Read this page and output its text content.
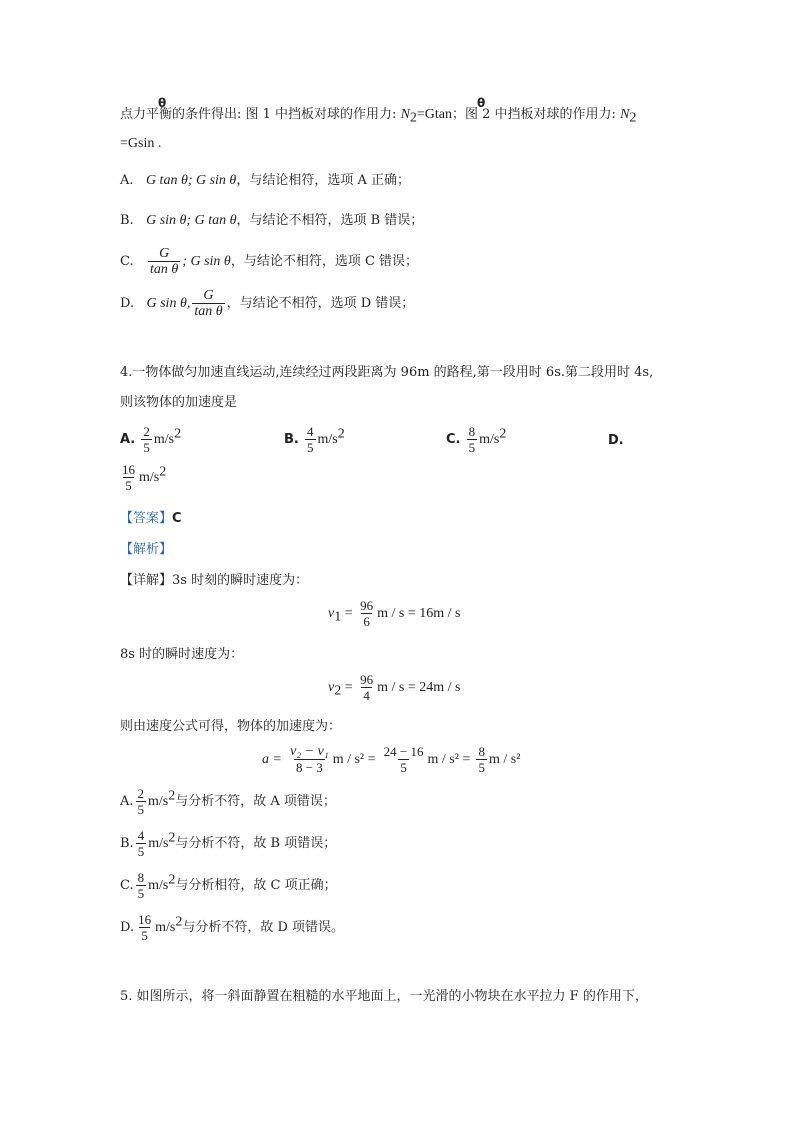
θ
点力平衡的条件得出: 图 1 中挡板对球的作用力: $N_2=Gtan$；图 2 中挡板对球的作用力: $N_2$
θ
=Gsin .
A. G tan θ; G sin θ，与结论相符，选项 A 正确；
B. G sin θ; G tan θ，与结论不相符，选项 B 错误；
C. $\frac{G}{\text{tan θ}}$ ; G sin θ，与结论不相符，选项 C 错误；
D. G sin θ, $\frac{G}{\text{tan θ}}$ ，与结论不相符，选项 D 错误；
4.一物体做匀加速直线运动,连续经过两段距离为 96m 的路程,第一段用时 6s.第二段用时 4s,
则该物体的加速度是
A. $\frac{2}{5} m/s^2$	B. $\frac{4}{5} m/s^2$	C. $\frac{8}{5} m/s^2$	D.
$\frac{16}{5} m/s^2$
【答案】C
【解析】
【详解】3s 时刻的瞬时速度为：
$v_1 = \frac{96}{6}$ m / s = 16m / s
8s 时的瞬时速度为：
$v_2 = \frac{96}{4}$ m / s = 24m / s
则由速度公式可得，物体的加速度为：
$a = \frac{\text{v₂ − v₁}}{8 - 3}$ $m / s^2 = \frac{24 - 16}{5}$ $m / s^2 = \frac{8}{5}$ m / s²
A. $\frac{2}{5} m/s^2$与分析不符，故 A 项错误；
B. $\frac{4}{5} m/s^2$与分析不符，故 B 项错误；
C. $\frac{8}{5} m/s^2$与分析相符，故 C 项正确；
D. $\frac{16}{5} m/s^2$与分析不符，故 D 项错误。
5. 如图所示，将一斜面静置在粗糙的水平地面上，一光滑的小物块在水平拉力 F 的作用下，
